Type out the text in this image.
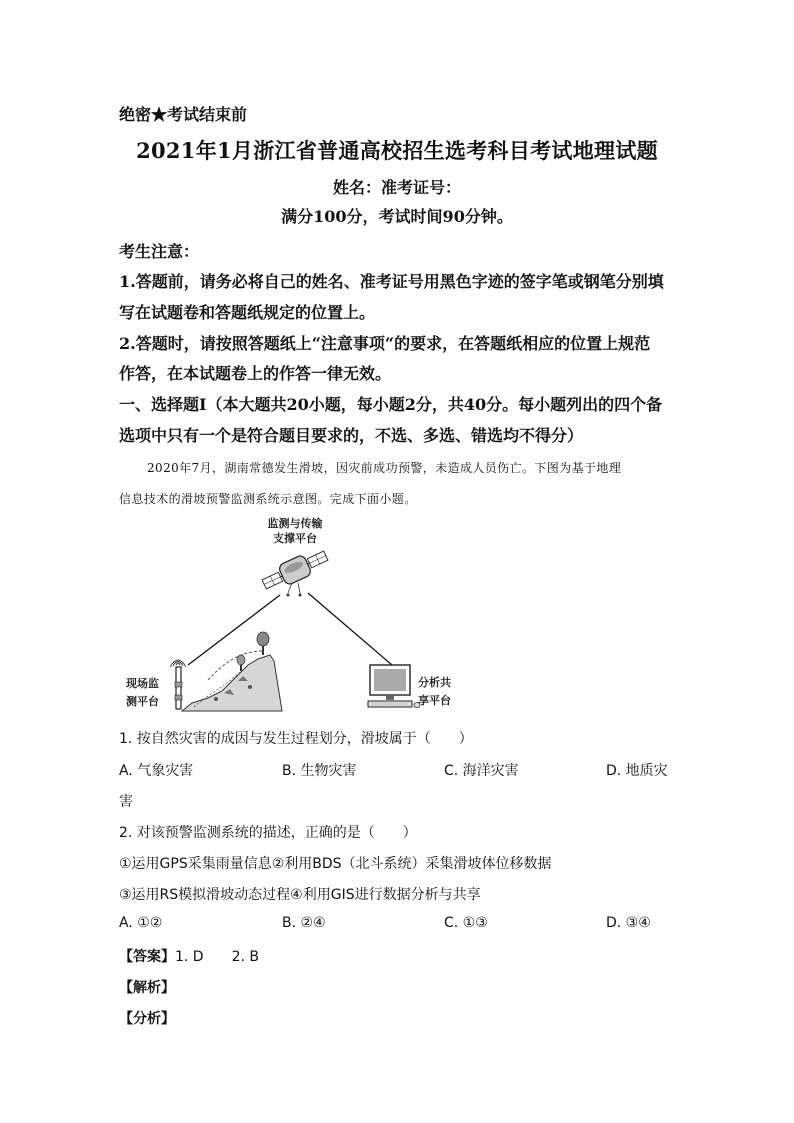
绝密★考试结束前
2021年1月浙江省普通高校招生选考科目考试地理试题
姓名：准考证号：
满分100分，考试时间90分钟。
考生注意：
1.答题前，请务必将自己的姓名、准考证号用黑色字迹的签字笔或钢笔分别填
写在试题卷和答题纸规定的位置上。
2.答题时，请按照答题纸上“注意事项“的要求，在答题纸相应的位置上规范
作答，在本试题卷上的作答一律无效。
一、选择题Ⅰ（本大题共20小题，每小题2分，共40分。每小题列出的四个备
选项中只有一个是符合题目要求的，不选、多选、错选均不得分）
2020年7月，湖南常德发生滑坡，因灾前成功预警，未造成人员伤亡。下图为基于地理
信息技术的滑坡预警监测系统示意图。完成下面小题。
监测与传输
支撑平台
现场监
测平台
分析共
享平台
1. 按自然灾害的成因与发生过程划分，滑坡属于（　　）
A. 气象灾害	B. 生物灾害	C. 海洋灾害	D. 地质灾
害
2. 对该预警监测系统的描述，正确的是（　　）
①运用GPS采集雨量信息②利用BDS（北斗系统）采集滑坡体位移数据
③运用RS模拟滑坡动态过程④利用GIS进行数据分析与共享
A. ①②	B. ②④	C. ①③	D. ③④
【答案】1. D　　2. B
【解析】
【分析】
